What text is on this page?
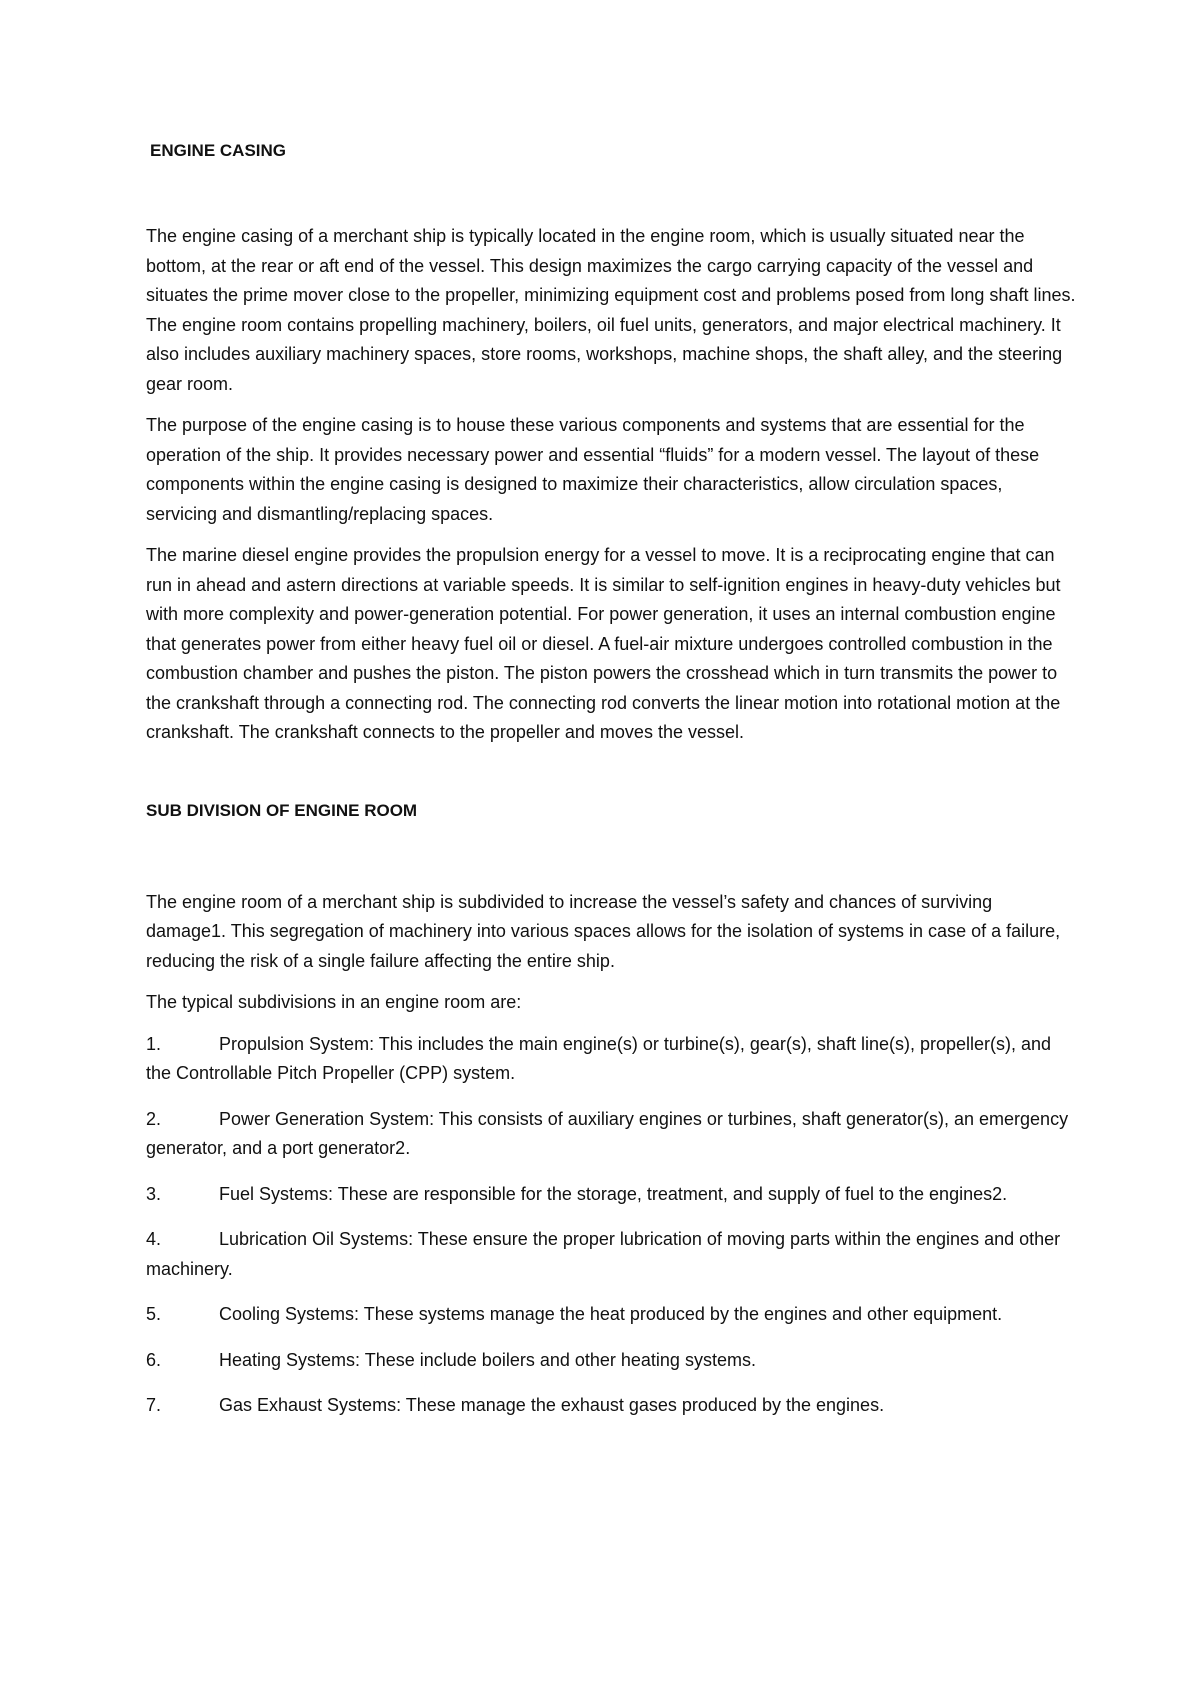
ENGINE CASING

The engine casing of a merchant ship is typically located in the engine room, which is usually situated near the bottom, at the rear or aft end of the vessel. This design maximizes the cargo carrying capacity of the vessel and situates the prime mover close to the propeller, minimizing equipment cost and problems posed from long shaft lines. The engine room contains propelling machinery, boilers, oil fuel units, generators, and major electrical machinery. It also includes auxiliary machinery spaces, store rooms, workshops, machine shops, the shaft alley, and the steering gear room.

The purpose of the engine casing is to house these various components and systems that are essential for the operation of the ship. It provides necessary power and essential “fluids” for a modern vessel. The layout of these components within the engine casing is designed to maximize their characteristics, allow circulation spaces, servicing and dismantling/replacing spaces.

The marine diesel engine provides the propulsion energy for a vessel to move. It is a reciprocating engine that can run in ahead and astern directions at variable speeds. It is similar to self-ignition engines in heavy-duty vehicles but with more complexity and power-generation potential. For power generation, it uses an internal combustion engine that generates power from either heavy fuel oil or diesel. A fuel-air mixture undergoes controlled combustion in the combustion chamber and pushes the piston. The piston powers the crosshead which in turn transmits the power to the crankshaft through a connecting rod. The connecting rod converts the linear motion into rotational motion at the crankshaft. The crankshaft connects to the propeller and moves the vessel.

SUB DIVISION OF ENGINE ROOM

The engine room of a merchant ship is subdivided to increase the vessel’s safety and chances of surviving damage1. This segregation of machinery into various spaces allows for the isolation of systems in case of a failure, reducing the risk of a single failure affecting the entire ship.

The typical subdivisions in an engine room are:

1.	Propulsion System: This includes the main engine(s) or turbine(s), gear(s), shaft line(s), propeller(s), and the Controllable Pitch Propeller (CPP) system.
2.	Power Generation System: This consists of auxiliary engines or turbines, shaft generator(s), an emergency generator, and a port generator2.
3.	Fuel Systems: These are responsible for the storage, treatment, and supply of fuel to the engines2.
4.	Lubrication Oil Systems: These ensure the proper lubrication of moving parts within the engines and other machinery.
5.	Cooling Systems: These systems manage the heat produced by the engines and other equipment.
6.	Heating Systems: These include boilers and other heating systems.
7.	Gas Exhaust Systems: These manage the exhaust gases produced by the engines.
